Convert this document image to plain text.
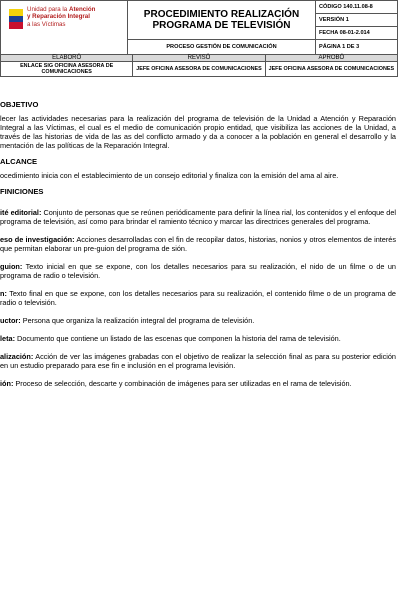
Unidad para la Atención
y Reparación Integral
a las Víctimas	PROCEDIMIENTO REALIZACIÓN
PROGRAMA DE TELEVISIÓN	CÓDIGO 140.11.08-8
		VERSIÓN 1
		FECHA 08-01-2.014
	PROCESO GESTIÓN DE COMUNICACIÓN	PÁGINA 1 DE 3
ELABORÓ	REVISÓ	APROBÓ
ENLACE SIG OFICINA ASESORA DE COMUNICACIONES	JEFE OFICINA ASESORA DE COMUNICACIONES	JEFE OFICINA ASESORA DE COMUNICACIONES
OBJETIVO

lecer las actividades necesarias para la realización del programa de televisión de la Unidad a Atención y Reparación Integral a las Víctimas, el cual es el medio de comunicación propio entidad, que visibiliza las acciones de la Unidad, a través de las historias de vida de las as del conflicto armado y da a conocer a la población en general el desarrollo y la mentación de las políticas de la Reparación Integral.

ALCANCE

ocedimiento inicia con el establecimiento de un consejo editorial y finaliza con la emisión del ama al aire.

FINICIONES

ité editorial: Conjunto de personas que se reúnen periódicamente para definir la línea rial, los contenidos y el enfoque del programa de televisión, así como para brindar el ramiento técnico y marcar las directrices generales del programa.

eso de investigación: Acciones desarrolladas con el fin de recopilar datos, historias, nonios y otros elementos de interés que permitan elaborar un pre-guion del programa de sión.

guion: Texto inicial en que se expone, con los detalles necesarios para su realización, el nido de un filme o de un programa de radio o televisión.

n: Texto final en que se expone, con los detalles necesarios para su realización, el contenido filme o de un programa de radio o televisión.

uctor: Persona que organiza la realización integral del programa de televisión.

leta: Documento que contiene un listado de las escenas que componen la historia del rama de televisión.

alización: Acción de ver las imágenes grabadas con el objetivo de realizar la selección final as para su posterior edición en un estudio preparado para ese fin e inclusión en el programa levisión.

ión: Proceso de selección, descarte y combinación de imágenes para ser utilizadas en el rama de televisión.
